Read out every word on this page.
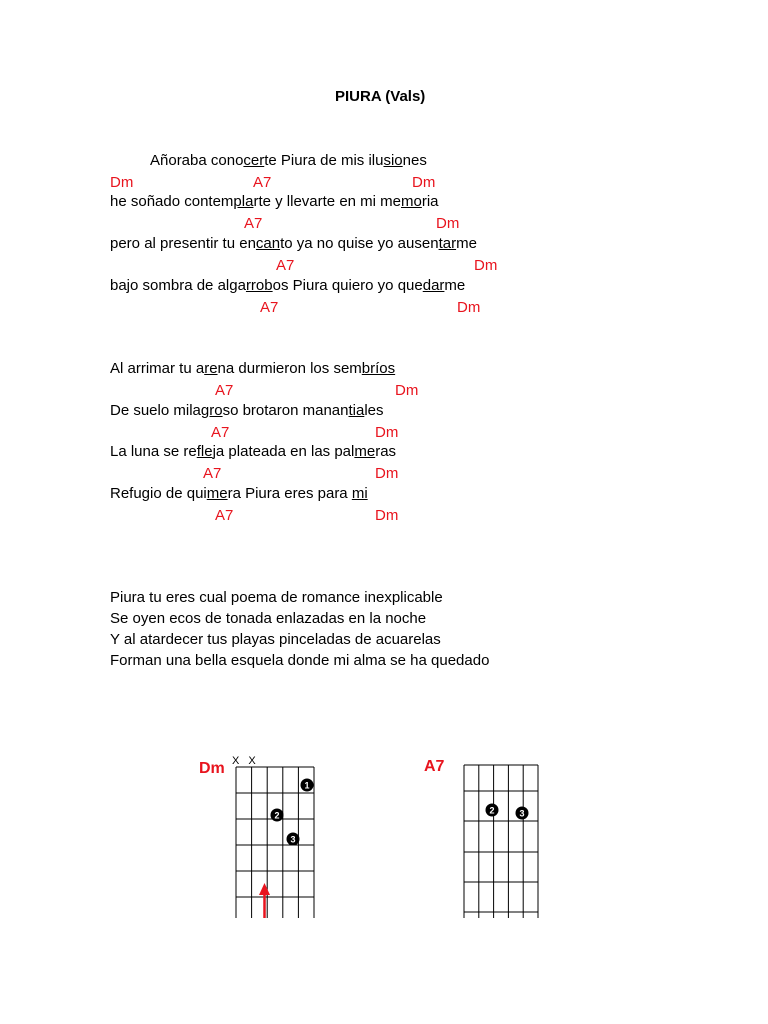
PIURA (Vals)
Añoraba conocerte Piura de mis ilusiones
Dm	A7	Dm
he soñado contemplarte y llevarte en mi memoria
A7	Dm
pero al presentir tu encanto ya no quise yo ausentarme
A7	Dm
bajo sombra de algarrobos Piura quiero yo quedarme
A7	Dm
Al arrimar tu arena durmieron los sembríos
A7	Dm
De suelo milagroso brotaron manantiales
A7	Dm
La luna se refleja plateada en las palmeras
A7	Dm
Refugio de quimera Piura eres para mi
A7	Dm
Piura tu eres cual poema de romance inexplicable
Se oyen ecos de tonada enlazadas en la noche
Y al atardecer tus playas pinceladas de acuarelas
Forman una bella esquela donde mi alma se ha quedado
Dm X X
1
2
3
A7
2	3
